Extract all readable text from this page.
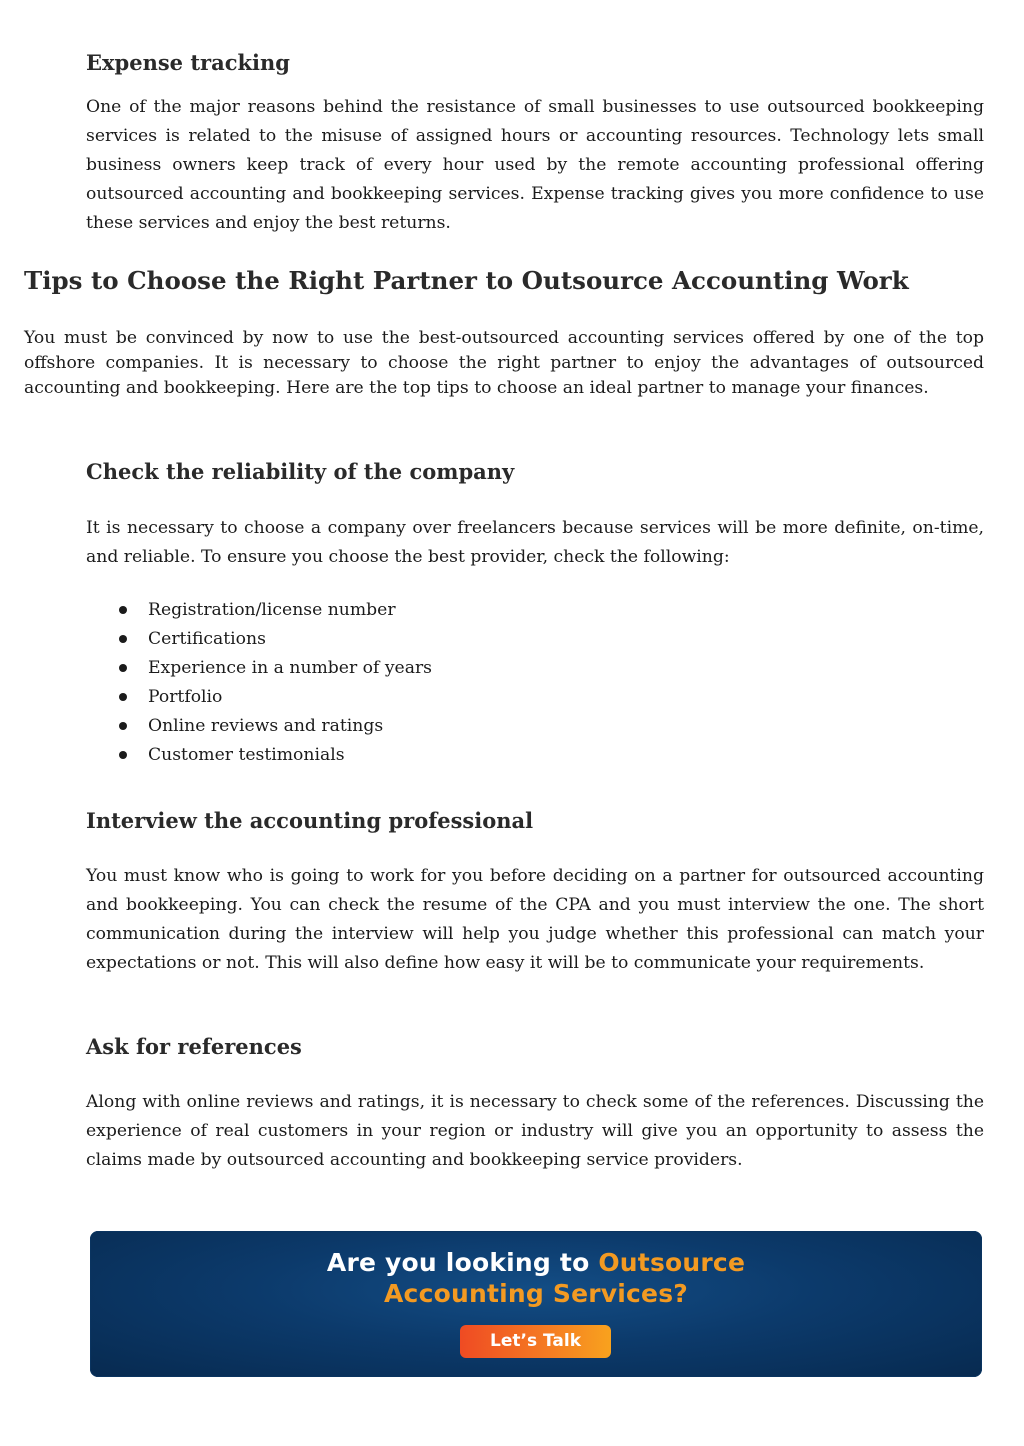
Expense tracking

One of the major reasons behind the resistance of small businesses to use outsourced bookkeeping services is related to the misuse of assigned hours or accounting resources. Technology lets small business owners keep track of every hour used by the remote accounting professional offering outsourced accounting and bookkeeping services. Expense tracking gives you more confidence to use these services and enjoy the best returns.

Tips to Choose the Right Partner to Outsource Accounting Work

You must be convinced by now to use the best-outsourced accounting services offered by one of the top offshore companies. It is necessary to choose the right partner to enjoy the advantages of outsourced accounting and bookkeeping. Here are the top tips to choose an ideal partner to manage your finances.

Check the reliability of the company

It is necessary to choose a company over freelancers because services will be more definite, on-time, and reliable. To ensure you choose the best provider, check the following:

Registration/license number
Certifications
Experience in a number of years
Portfolio
Online reviews and ratings
Customer testimonials
Interview the accounting professional

You must know who is going to work for you before deciding on a partner for outsourced accounting and bookkeeping. You can check the resume of the CPA and you must interview the one. The short communication during the interview will help you judge whether this professional can match your expectations or not. This will also define how easy it will be to communicate your requirements.

Ask for references

Along with online reviews and ratings, it is necessary to check some of the references. Discussing the experience of real customers in your region or industry will give you an opportunity to assess the claims made by outsourced accounting and bookkeeping service providers.

Are you looking to Outsource
Accounting Services?
Let’s Talk
